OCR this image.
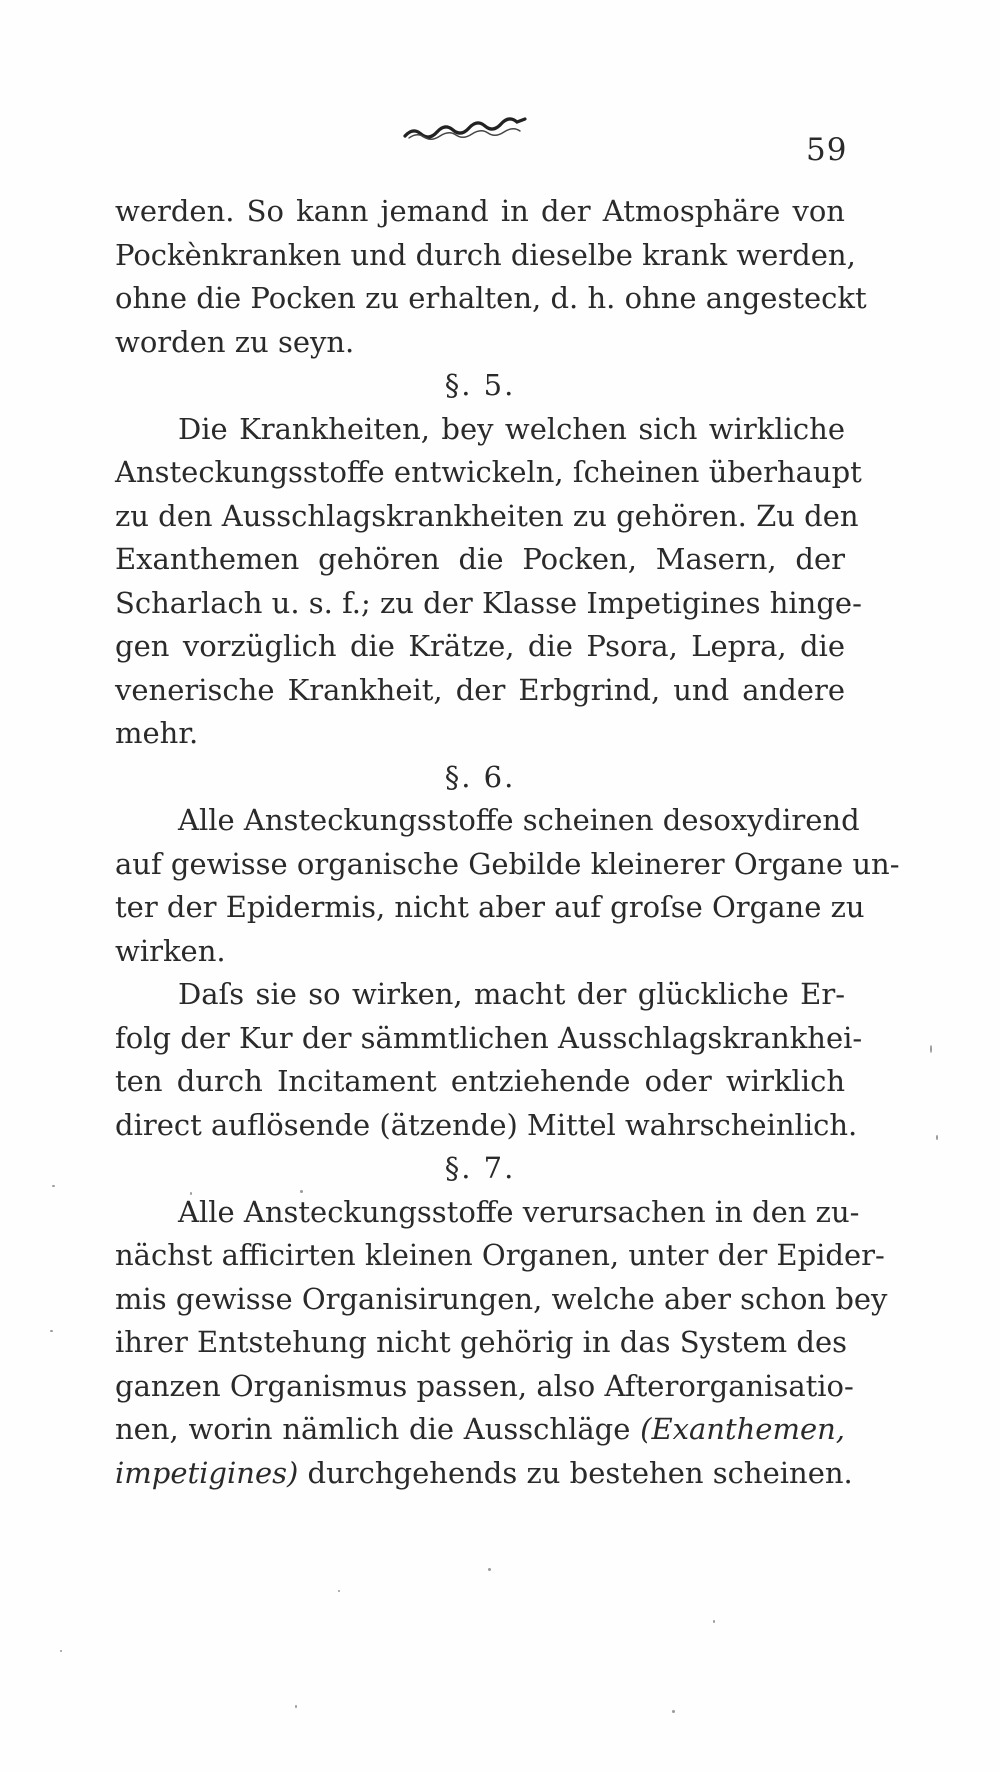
59
werden. So kann jemand in der Atmosphäre von
Pockènkranken und durch dieselbe krank werden,
ohne die Pocken zu erhalten, d. h. ohne angesteckt
worden zu seyn.
§. 5.
Die Krankheiten, bey welchen sich wirkliche
Ansteckungsstoffe entwickeln, ſcheinen überhaupt
zu den Ausschlagskrankheiten zu gehören. Zu den
Exanthemen gehören die Pocken, Masern, der
Scharlach u. s. f.; zu der Klasse Impetigines hinge-
gen vorzüglich die Krätze, die Psora, Lepra, die
venerische Krankheit, der Erbgrind, und andere
mehr.
§. 6.
Alle Ansteckungsstoffe scheinen desoxydirend
auf gewisse organische Gebilde kleinerer Organe un-
ter der Epidermis, nicht aber auf groſse Organe zu
wirken.
Daſs sie so wirken, macht der glückliche Er-
folg der Kur der sämmtlichen Ausschlagskrankhei-
ten durch Incitament entziehende oder wirklich
direct auflösende (ätzende) Mittel wahrscheinlich.
§. 7.
Alle Ansteckungsstoffe verursachen in den zu-
nächst afficirten kleinen Organen, unter der Epider-
mis gewisse Organisirungen, welche aber schon bey
ihrer Entstehung nicht gehörig in das System des
ganzen Organismus passen, also Afterorganisatio-
nen, worin nämlich die Ausschläge (Exanthemen,
impetigines) durchgehends zu bestehen scheinen.
